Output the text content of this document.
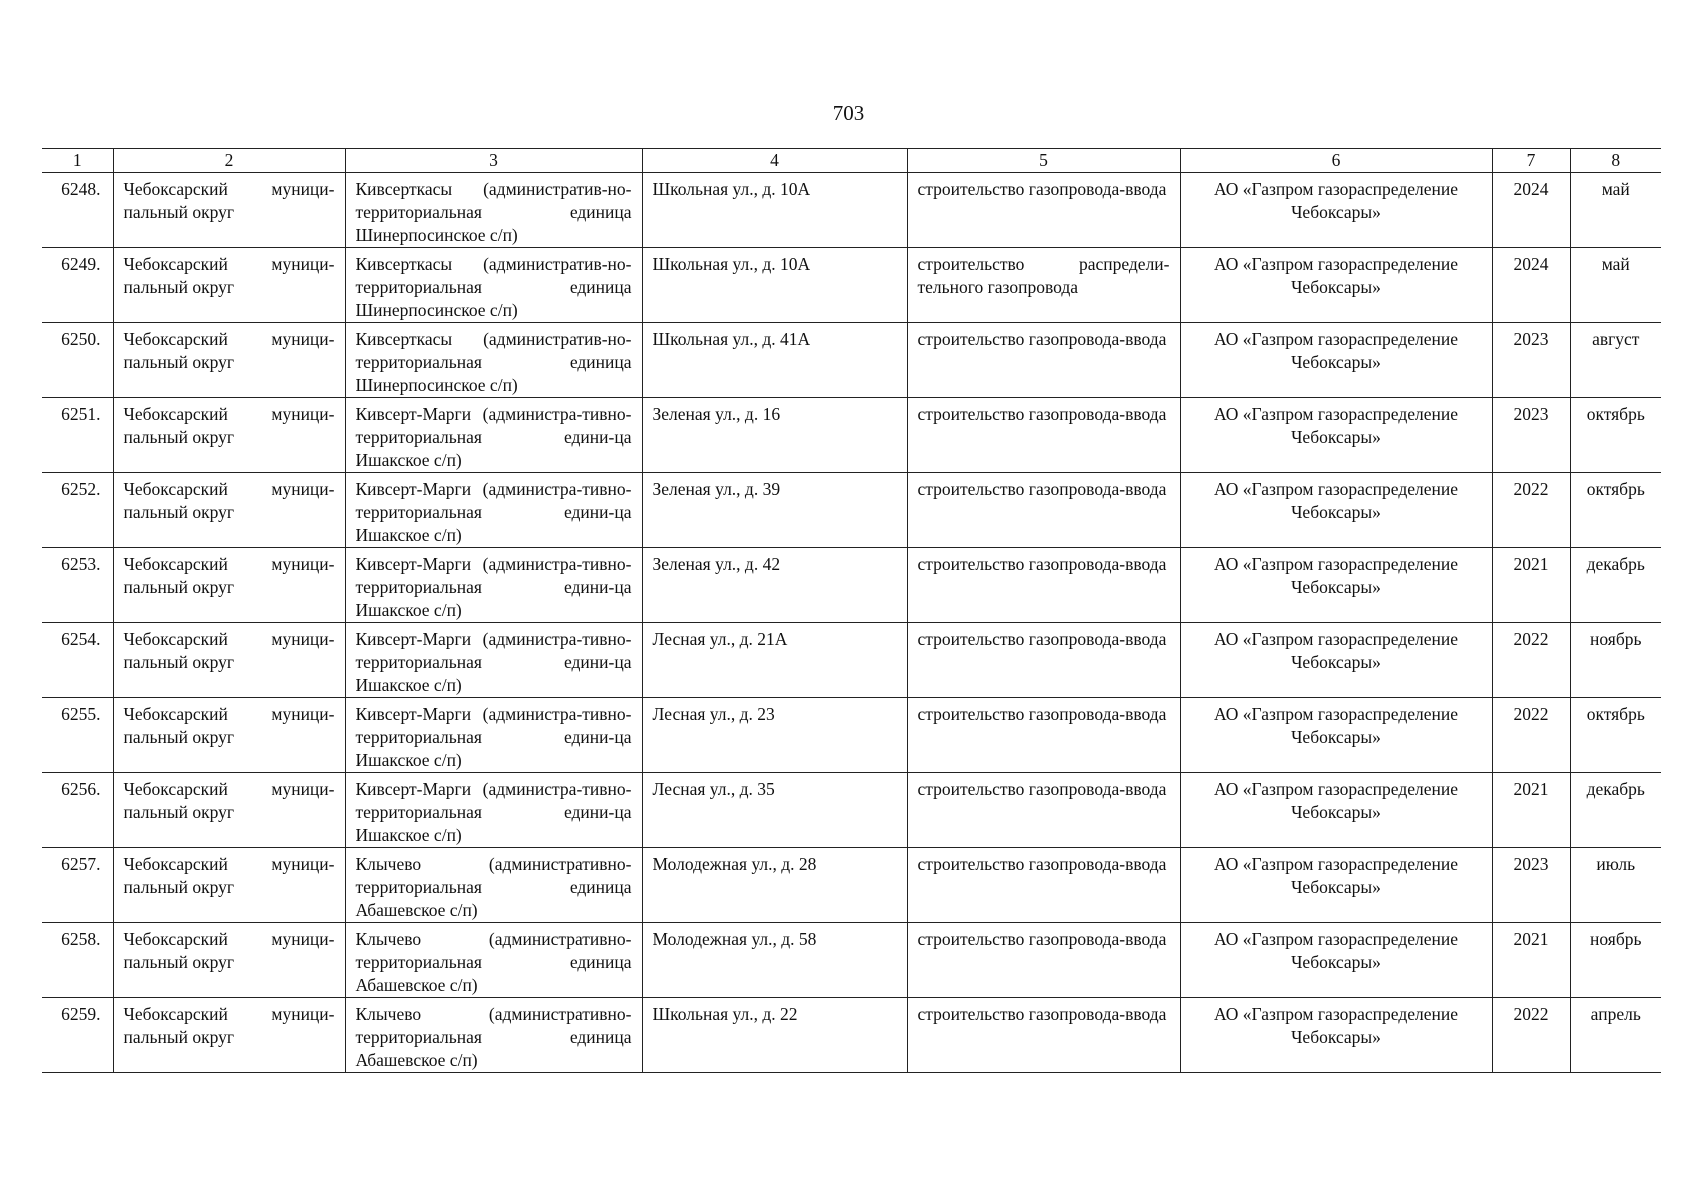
703
1	2	3	4	5	6	7	8
6248.	Чебоксарский муници-пальный округ	Кивсерткасы (административ-но-территориальная единица Шинерпосинское с/п)	Школьная ул., д. 10А	строительство газопровода-ввода	АО «Газпром газораспределение Чебоксары»	2024	май
6249.	Чебоксарский муници-пальный округ	Кивсерткасы (административ-но-территориальная единица Шинерпосинское с/п)	Школьная ул., д. 10А	строительство распредели-тельного газопровода	АО «Газпром газораспределение Чебоксары»	2024	май
6250.	Чебоксарский муници-пальный округ	Кивсерткасы (административ-но-территориальная единица Шинерпосинское с/п)	Школьная ул., д. 41А	строительство газопровода-ввода	АО «Газпром газораспределение Чебоксары»	2023	август
6251.	Чебоксарский муници-пальный округ	Кивсерт-Марги (администра-тивно-территориальная едини-ца Ишакское с/п)	Зеленая ул., д. 16	строительство газопровода-ввода	АО «Газпром газораспределение Чебоксары»	2023	октябрь
6252.	Чебоксарский муници-пальный округ	Кивсерт-Марги (администра-тивно-территориальная едини-ца Ишакское с/п)	Зеленая ул., д. 39	строительство газопровода-ввода	АО «Газпром газораспределение Чебоксары»	2022	октябрь
6253.	Чебоксарский муници-пальный округ	Кивсерт-Марги (администра-тивно-территориальная едини-ца Ишакское с/п)	Зеленая ул., д. 42	строительство газопровода-ввода	АО «Газпром газораспределение Чебоксары»	2021	декабрь
6254.	Чебоксарский муници-пальный округ	Кивсерт-Марги (администра-тивно-территориальная едини-ца Ишакское с/п)	Лесная ул., д. 21А	строительство газопровода-ввода	АО «Газпром газораспределение Чебоксары»	2022	ноябрь
6255.	Чебоксарский муници-пальный округ	Кивсерт-Марги (администра-тивно-территориальная едини-ца Ишакское с/п)	Лесная ул., д. 23	строительство газопровода-ввода	АО «Газпром газораспределение Чебоксары»	2022	октябрь
6256.	Чебоксарский муници-пальный округ	Кивсерт-Марги (администра-тивно-территориальная едини-ца Ишакское с/п)	Лесная ул., д. 35	строительство газопровода-ввода	АО «Газпром газораспределение Чебоксары»	2021	декабрь
6257.	Чебоксарский муници-пальный округ	Клычево (административно-территориальная единица Абашевское с/п)	Молодежная ул., д. 28	строительство газопровода-ввода	АО «Газпром газораспределение Чебоксары»	2023	июль
6258.	Чебоксарский муници-пальный округ	Клычево (административно-территориальная единица Абашевское с/п)	Молодежная ул., д. 58	строительство газопровода-ввода	АО «Газпром газораспределение Чебоксары»	2021	ноябрь
6259.	Чебоксарский муници-пальный округ	Клычево (административно-территориальная единица Абашевское с/п)	Школьная ул., д. 22	строительство газопровода-ввода	АО «Газпром газораспределение Чебоксары»	2022	апрель
